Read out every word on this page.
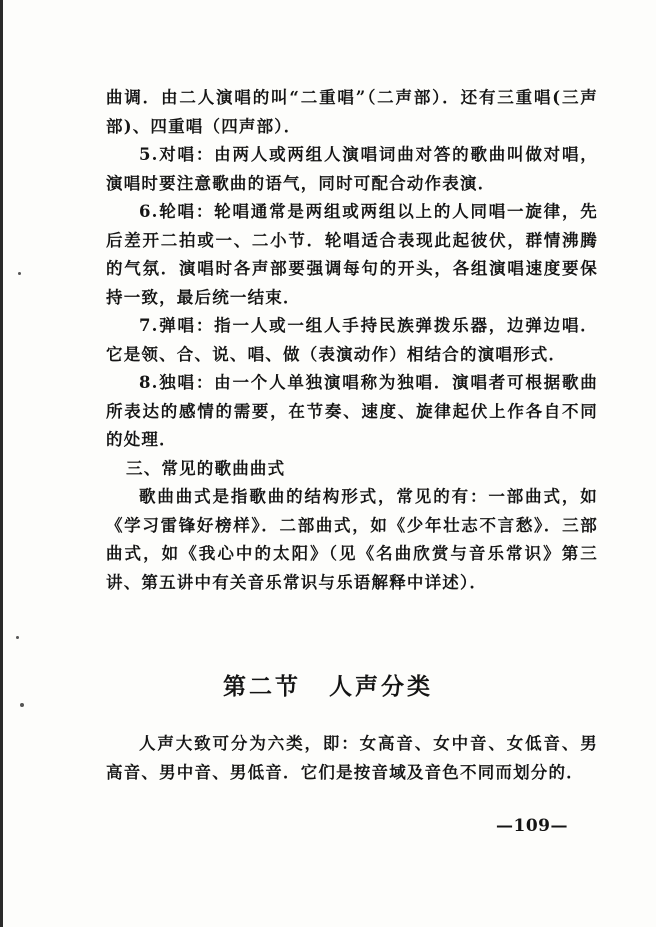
曲调．由二人演唱的叫“二重唱”（二声部）．还有三重唱(三声部)、四重唱（四声部）．

5.对唱：由两人或两组人演唱词曲对答的歌曲叫做对唱，演唱时要注意歌曲的语气，同时可配合动作表演．

6.轮唱：轮唱通常是两组或两组以上的人同唱一旋律，先后差开二拍或一、二小节．轮唱适合表现此起彼伏，群情沸腾的气氛．演唱时各声部要强调每句的开头，各组演唱速度要保持一致，最后统一结束．

7.弹唱：指一人或一组人手持民族弹拨乐器，边弹边唱．它是领、合、说、唱、做（表演动作）相结合的演唱形式．

8.独唱：由一个人单独演唱称为独唱．演唱者可根据歌曲所表达的感情的需要，在节奏、速度、旋律起伏上作各自不同的处理．

三、常见的歌曲曲式

歌曲曲式是指歌曲的结构形式，常见的有：一部曲式，如《学习雷锋好榜样》．二部曲式，如《少年壮志不言愁》．三部曲式，如《我心中的太阳》（见《名曲欣赏与音乐常识》第三讲、第五讲中有关音乐常识与乐语解释中详述）．

第二节 人声分类

人声大致可分为六类，即：女高音、女中音、女低音、男高音、男中音、男低音．它们是按音域及音色不同而划分的．

—109—
